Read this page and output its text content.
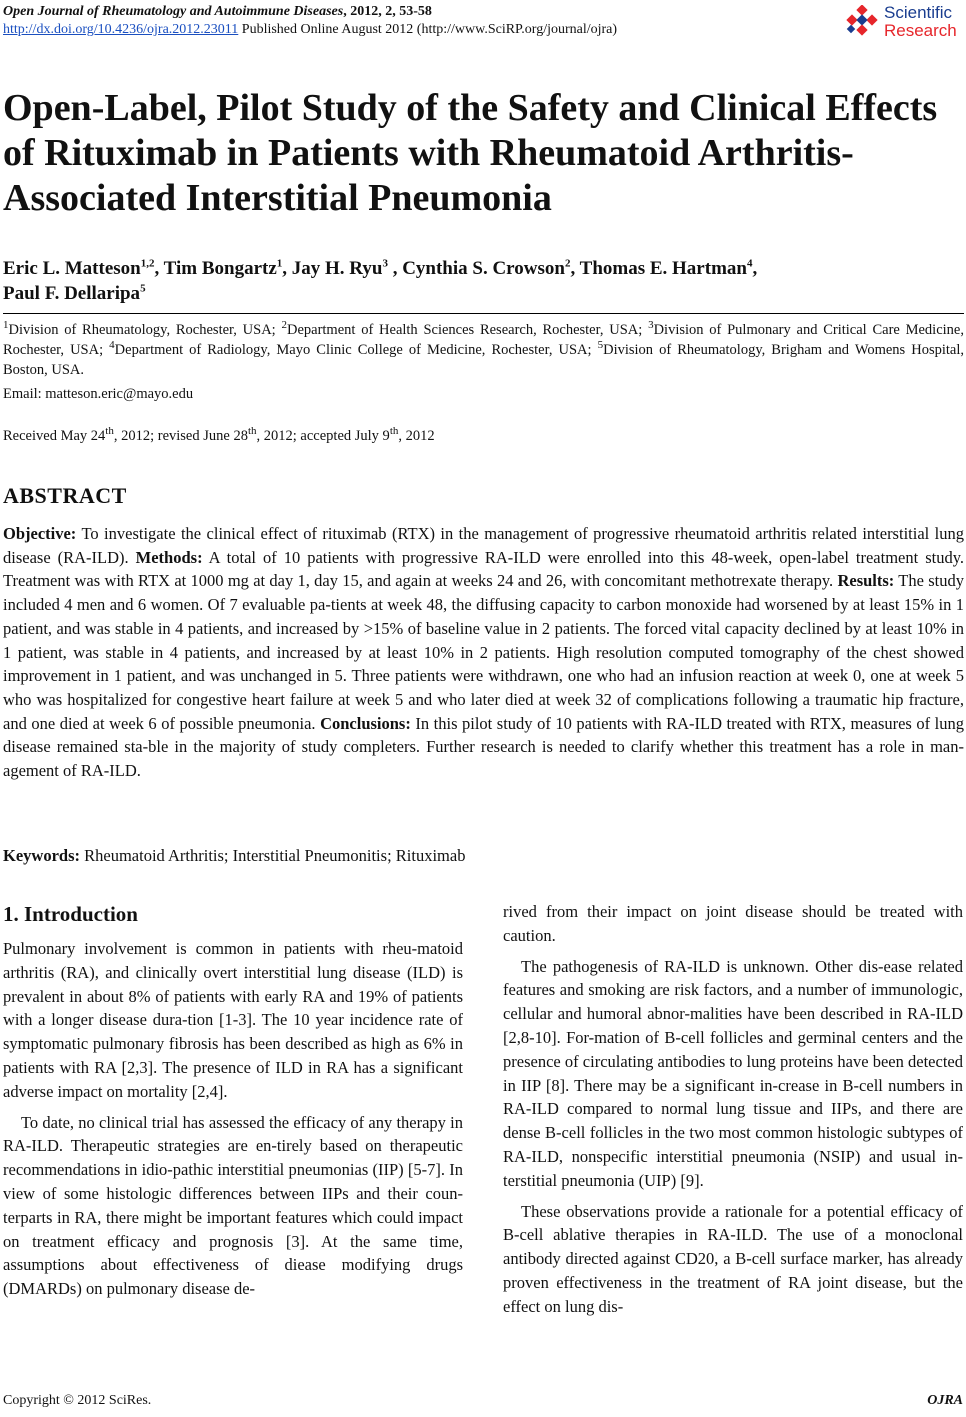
Open Journal of Rheumatology and Autoimmune Diseases, 2012, 2, 53-58
http://dx.doi.org/10.4236/ojra.2012.23011 Published Online August 2012 (http://www.SciRP.org/journal/ojra)
Scientific
Research
Open-Label, Pilot Study of the Safety and Clinical Effects of Rituximab in Patients with Rheumatoid Arthritis-Associated Interstitial Pneumonia
Eric L. Matteson$^{1,2}$, Tim Bongartz$^1$, Jay H. Ryu$^3$ , Cynthia S. Crowson$^2$, Thomas E. Hartman$^4$,
Paul F. Dellaripa$^5$
$^1$Division of Rheumatology, Rochester, USA; $^2$Department of Health Sciences Research, Rochester, USA; $^3$Division of Pulmonary and Critical Care Medicine, Rochester, USA; $^4$Department of Radiology, Mayo Clinic College of Medicine, Rochester, USA; $^5$Division of Rheumatology, Brigham and Womens Hospital, Boston, USA.
Email: matteson.eric@mayo.edu
Received May 24th, 2012; revised June 28th, 2012; accepted July 9th, 2012
ABSTRACT

Objective: To investigate the clinical effect of rituximab (RTX) in the management of progressive rheumatoid arthritis related interstitial lung disease (RA-ILD). Methods: A total of 10 patients with progressive RA-ILD were enrolled into this 48-week, open-label treatment study. Treatment was with RTX at 1000 mg at day 1, day 15, and again at weeks 24 and 26, with concomitant methotrexate therapy. Results: The study included 4 men and 6 women. Of 7 evaluable pa-tients at week 48, the diffusing capacity to carbon monoxide had worsened by at least 15% in 1 patient, and was stable in 4 patients, and increased by >15% of baseline value in 2 patients. The forced vital capacity declined by at least 10% in 1 patient, was stable in 4 patients, and increased by at least 10% in 2 patients. High resolution computed tomography of the chest showed improvement in 1 patient, and was unchanged in 5. Three patients were withdrawn, one who had an infusion reaction at week 0, one at week 5 who was hospitalized for congestive heart failure at week 5 and who later died at week 32 of complications following a traumatic hip fracture, and one died at week 6 of possible pneumonia. Conclusions: In this pilot study of 10 patients with RA-ILD treated with RTX, measures of lung disease remained sta-ble in the majority of study completers. Further research is needed to clarify whether this treatment has a role in man-agement of RA-ILD.

Keywords: Rheumatoid Arthritis; Interstitial Pneumonitis; Rituximab
1. Introduction

Pulmonary involvement is common in patients with rheu-matoid arthritis (RA), and clinically overt interstitial lung disease (ILD) is prevalent in about 8% of patients with early RA and 19% of patients with a longer disease dura-tion [1-3]. The 10 year incidence rate of symptomatic pulmonary fibrosis has been described as high as 6% in patients with RA [2,3]. The presence of ILD in RA has a significant adverse impact on mortality [2,4].

To date, no clinical trial has assessed the efficacy of any therapy in RA-ILD. Therapeutic strategies are en-tirely based on therapeutic recommendations in idio-pathic interstitial pneumonias (IIP) [5-7]. In view of some histologic differences between IIPs and their coun-terparts in RA, there might be important features which could impact on treatment efficacy and prognosis [3]. At the same time, assumptions about effectiveness of diease modifying drugs (DMARDs) on pulmonary disease de-

rived from their impact on joint disease should be treated with caution.

The pathogenesis of RA-ILD is unknown. Other dis-ease related features and smoking are risk factors, and a number of immunologic, cellular and humoral abnor-malities have been described in RA-ILD [2,8-10]. For-mation of B-cell follicles and germinal centers and the presence of circulating antibodies to lung proteins have been detected in IIP [8]. There may be a significant in-crease in B-cell numbers in RA-ILD compared to normal lung tissue and IIPs, and there are dense B-cell follicles in the two most common histologic subtypes of RA-ILD, nonspecific interstitial pneumonia (NSIP) and usual in-terstitial pneumonia (UIP) [9].

These observations provide a rationale for a potential efficacy of B-cell ablative therapies in RA-ILD. The use of a monoclonal antibody directed against CD20, a B-cell surface marker, has already proven effectiveness in the treatment of RA joint disease, but the effect on lung dis-

Copyright © 2012 SciRes.	OJRA
